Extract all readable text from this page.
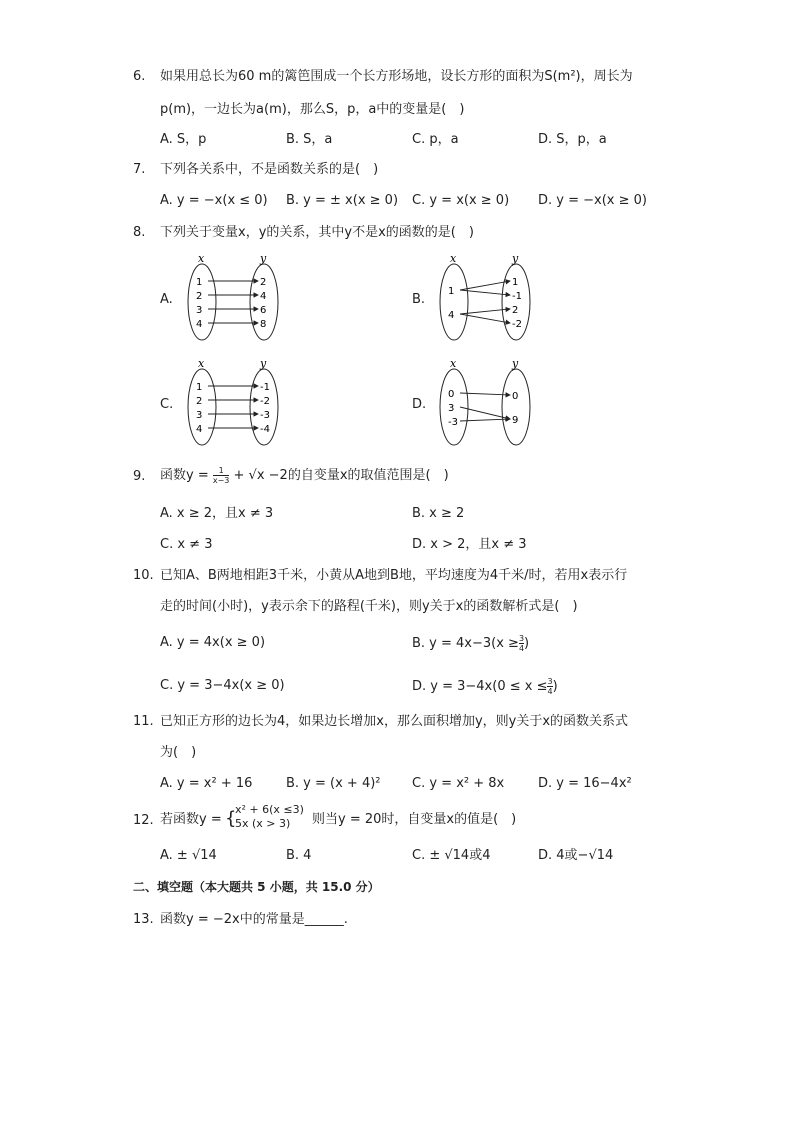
6. 如果用总长为60 m的篱笆围成一个长方形场地，设长方形的面积为S(m²)，周长为
p(m)，一边长为a(m)，那么S，p，a中的变量是(　)
A. S，p	B. S，a	C. p，a	D. S，p，a
7. 下列各关系中，不是函数关系的是(　)
A. y = −x(x ≤ 0) B. y = ± x(x ≥ 0) C. y = x(x ≥ 0) D. y = −x(x ≥ 0)
8. 下列关于变量x，y的关系，其中y不是x的函数的是(　)
A.	B.
C.	D.
x	y
1
2
3
4
2
4
6
8
x	y
1
4
1
-1
2
-2
x	y
1
2
3
4
-1
-2
-3
-4
x	y
0
3
-3
0
9
9. 函数$y = \frac{1}{x-3} + √x -2$的自变量x的取值范围是(　)
A. x ≥ 2，且x ≠ 3	B. x ≥ 2
C. x ≠ 3	D. x > 2，且x ≠ 3
10. 已知A、B两地相距3千米，小黄从A地到B地，平均速度为4千米/时，若用x表示行
走的时间(小时)，y表示余下的路程(千米)，则y关于x的函数解析式是(　)
A. y = 4x(x ≥ 0)	B. $y = 4x-3(x \ge \frac{3}{4}$ )
C. y = 3−4x(x ≥ 0)	D. $y = 3-4x(0 \le x \le \frac{3}{4}$ )
11. 已知正方形的边长为4，如果边长增加x，那么面积增加y，则y关于x的函数关系式
为(　)
A. y = x² + 16	B. y = (x + 4)² C. y = x² + 8x	D. y = 16−4x²
12. 若函数y = {
x² + 6(x ≤3)
5x (x > 3) 则当y = 20时，自变量x的值是(　)
A. ± √14	B. 4	C. ± √14或4	D. 4或−√14
二、填空题（本大题共 5 小题，共 15.0 分）
13. 函数y = −2x中的常量是______.
